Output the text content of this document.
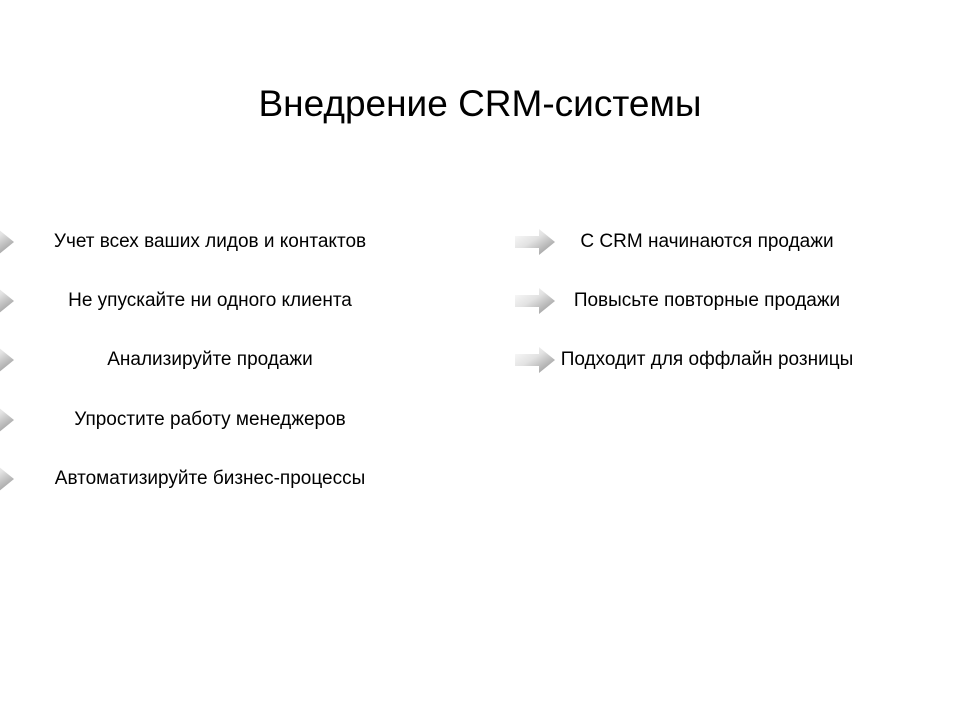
Внедрение CRM-системы
Учет всех ваших лидов и контактов
Не упускайте ни одного клиента
Анализируйте продажи
Упростите работу менеджеров
Автоматизируйте бизнес-процессы
С CRM начинаются продажи
Повысьте повторные продажи
Подходит для оффлайн розницы
